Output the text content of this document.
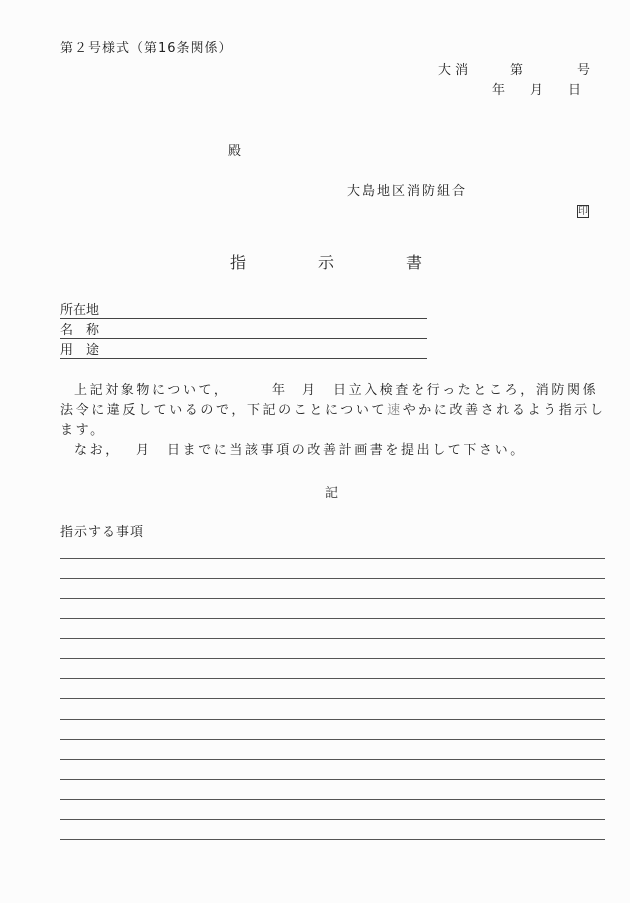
第２号様式（第16条関係）
大 消	第	号
年 月 日
殿
大島地区消防組合
印
指	示	書
所在地
名　称
用　途
上記対象物について，	年 月 日立入検査を行ったところ，消防関係
法令に違反しているので，下記のことについて速やかに改善されるよう指示し
ます。
なお， 月 日までに当該事項の改善計画書を提出して下さい。
記
指示する事項
